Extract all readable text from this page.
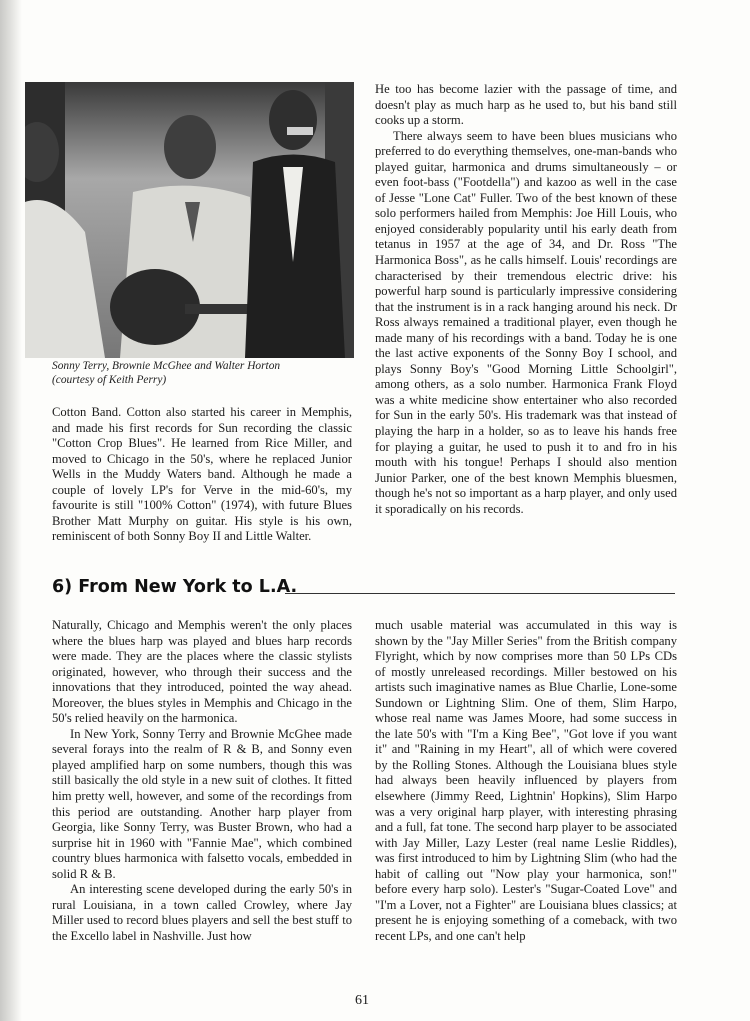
Sonny Terry, Brownie McGhee and Walter Horton
(courtesy of Keith Perry)

Cotton Band. Cotton also started his career in Memphis, and made his first records for Sun recording the classic "Cotton Crop Blues". He learned from Rice Miller, and moved to Chicago in the 50's, where he replaced Junior Wells in the Muddy Waters band. Although he made a couple of lovely LP's for Verve in the mid-60's, my favourite is still "100% Cotton" (1974), with future Blues Brother Matt Murphy on guitar. His style is his own, reminiscent of both Sonny Boy II and Little Walter.

He too has become lazier with the passage of time, and doesn't play as much harp as he used to, but his band still cooks up a storm.

There always seem to have been blues musicians who preferred to do everything themselves, one-man-bands who played guitar, harmonica and drums simultaneously – or even foot-bass ("Footdella") and kazoo as well in the case of Jesse "Lone Cat" Fuller. Two of the best known of these solo performers hailed from Memphis: Joe Hill Louis, who enjoyed considerably popularity until his early death from tetanus in 1957 at the age of 34, and Dr. Ross "The Harmonica Boss", as he calls himself. Louis' recordings are characterised by their tremendous electric drive: his powerful harp sound is particularly impressive considering that the instrument is in a rack hanging around his neck. Dr Ross always remained a traditional player, even though he made many of his recordings with a band. Today he is one the last active exponents of the Sonny Boy I school, and plays Sonny Boy's "Good Morning Little Schoolgirl", among others, as a solo number. Harmonica Frank Floyd was a white medicine show entertainer who also recorded for Sun in the early 50's. His trademark was that instead of playing the harp in a holder, so as to leave his hands free for playing a guitar, he used to push it to and fro in his mouth with his tongue! Perhaps I should also mention Junior Parker, one of the best known Memphis bluesmen, though he's not so important as a harp player, and only used it sporadically on his records.

6) From New York to L.A.

Naturally, Chicago and Memphis weren't the only places where the blues harp was played and blues harp records were made. They are the places where the classic stylists originated, however, who through their success and the innovations that they introduced, pointed the way ahead. Moreover, the blues styles in Memphis and Chicago in the 50's relied heavily on the harmonica.

In New York, Sonny Terry and Brownie McGhee made several forays into the realm of R & B, and Sonny even played amplified harp on some numbers, though this was still basically the old style in a new suit of clothes. It fitted him pretty well, however, and some of the recordings from this period are outstanding. Another harp player from Georgia, like Sonny Terry, was Buster Brown, who had a surprise hit in 1960 with "Fannie Mae", which combined country blues harmonica with falsetto vocals, embedded in solid R & B.

An interesting scene developed during the early 50's in rural Louisiana, in a town called Crowley, where Jay Miller used to record blues players and sell the best stuff to the Excello label in Nashville. Just how

much usable material was accumulated in this way is shown by the "Jay Miller Series" from the British company Flyright, which by now comprises more than 50 LPs CDs of mostly unreleased recordings. Miller bestowed on his artists such imaginative names as Blue Charlie, Lone-some Sundown or Lightning Slim. One of them, Slim Harpo, whose real name was James Moore, had some success in the late 50's with "I'm a King Bee", "Got love if you want it" and "Raining in my Heart", all of which were covered by the Rolling Stones. Although the Louisiana blues style had always been heavily influenced by players from elsewhere (Jimmy Reed, Lightnin' Hopkins), Slim Harpo was a very original harp player, with interesting phrasing and a full, fat tone. The second harp player to be associated with Jay Miller, Lazy Lester (real name Leslie Riddles), was first introduced to him by Lightning Slim (who had the habit of calling out "Now play your harmonica, son!" before every harp solo). Lester's "Sugar-Coated Love" and "I'm a Lover, not a Fighter" are Louisiana blues classics; at present he is enjoying something of a comeback, with two recent LPs, and one can't help

61
